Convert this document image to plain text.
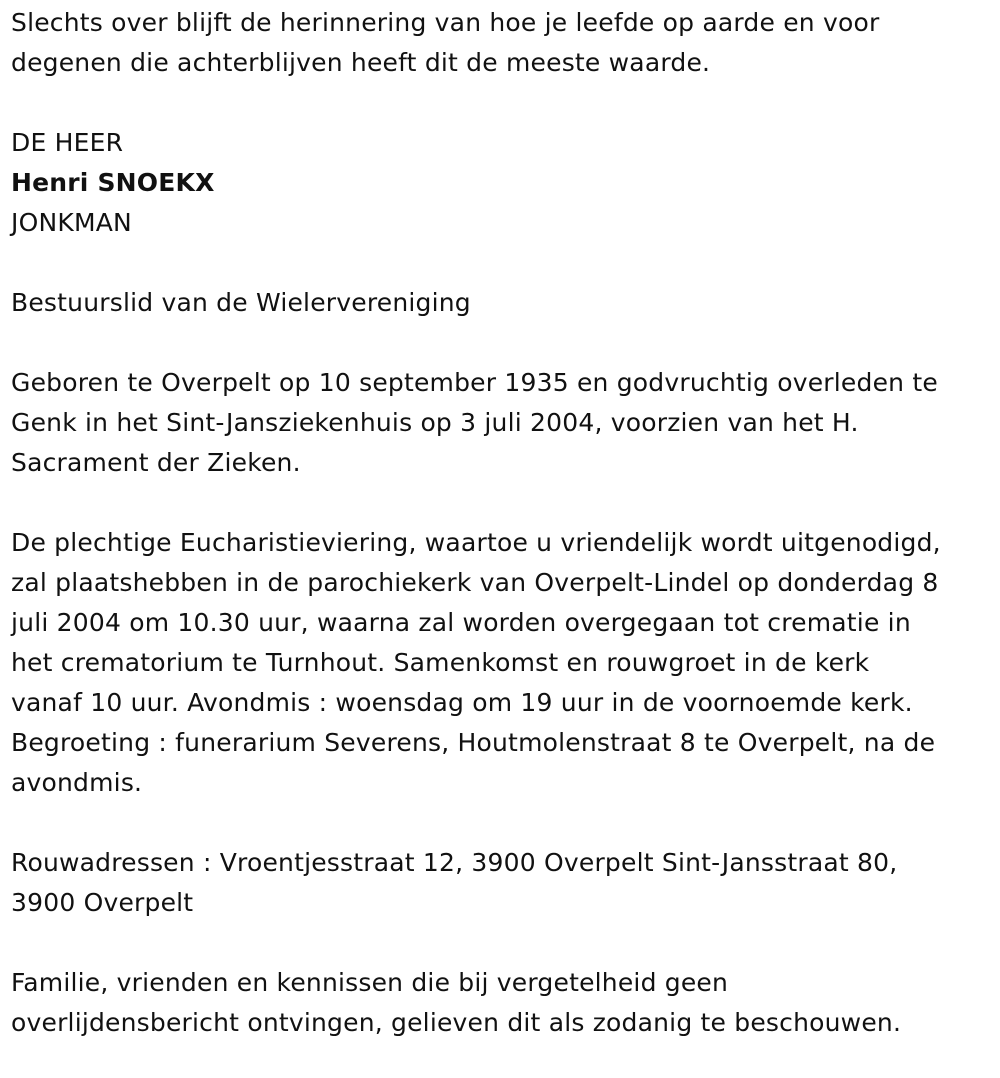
Slechts over blijft de herinnering van hoe je leefde op aarde en voor
degenen die achterblijven heeft dit de meeste waarde.

DE HEER
Henri SNOEKX
JONKMAN

Bestuurslid van de Wielervereniging

Geboren te Overpelt op 10 september 1935 en godvruchtig overleden te
Genk in het Sint-Jansziekenhuis op 3 juli 2004, voorzien van het H.
Sacrament der Zieken.

De plechtige Eucharistieviering, waartoe u vriendelijk wordt uitgenodigd,
zal plaatshebben in de parochiekerk van Overpelt-Lindel op donderdag 8
juli 2004 om 10.30 uur, waarna zal worden overgegaan tot crematie in
het crematorium te Turnhout. Samenkomst en rouwgroet in de kerk
vanaf 10 uur. Avondmis : woensdag om 19 uur in de voornoemde kerk.
Begroeting : funerarium Severens, Houtmolenstraat 8 te Overpelt, na de
avondmis.

Rouwadressen : Vroentjesstraat 12, 3900 Overpelt Sint-Jansstraat 80,
3900 Overpelt

Familie, vrienden en kennissen die bij vergetelheid geen
overlijdensbericht ontvingen, gelieven dit als zodanig te beschouwen.
